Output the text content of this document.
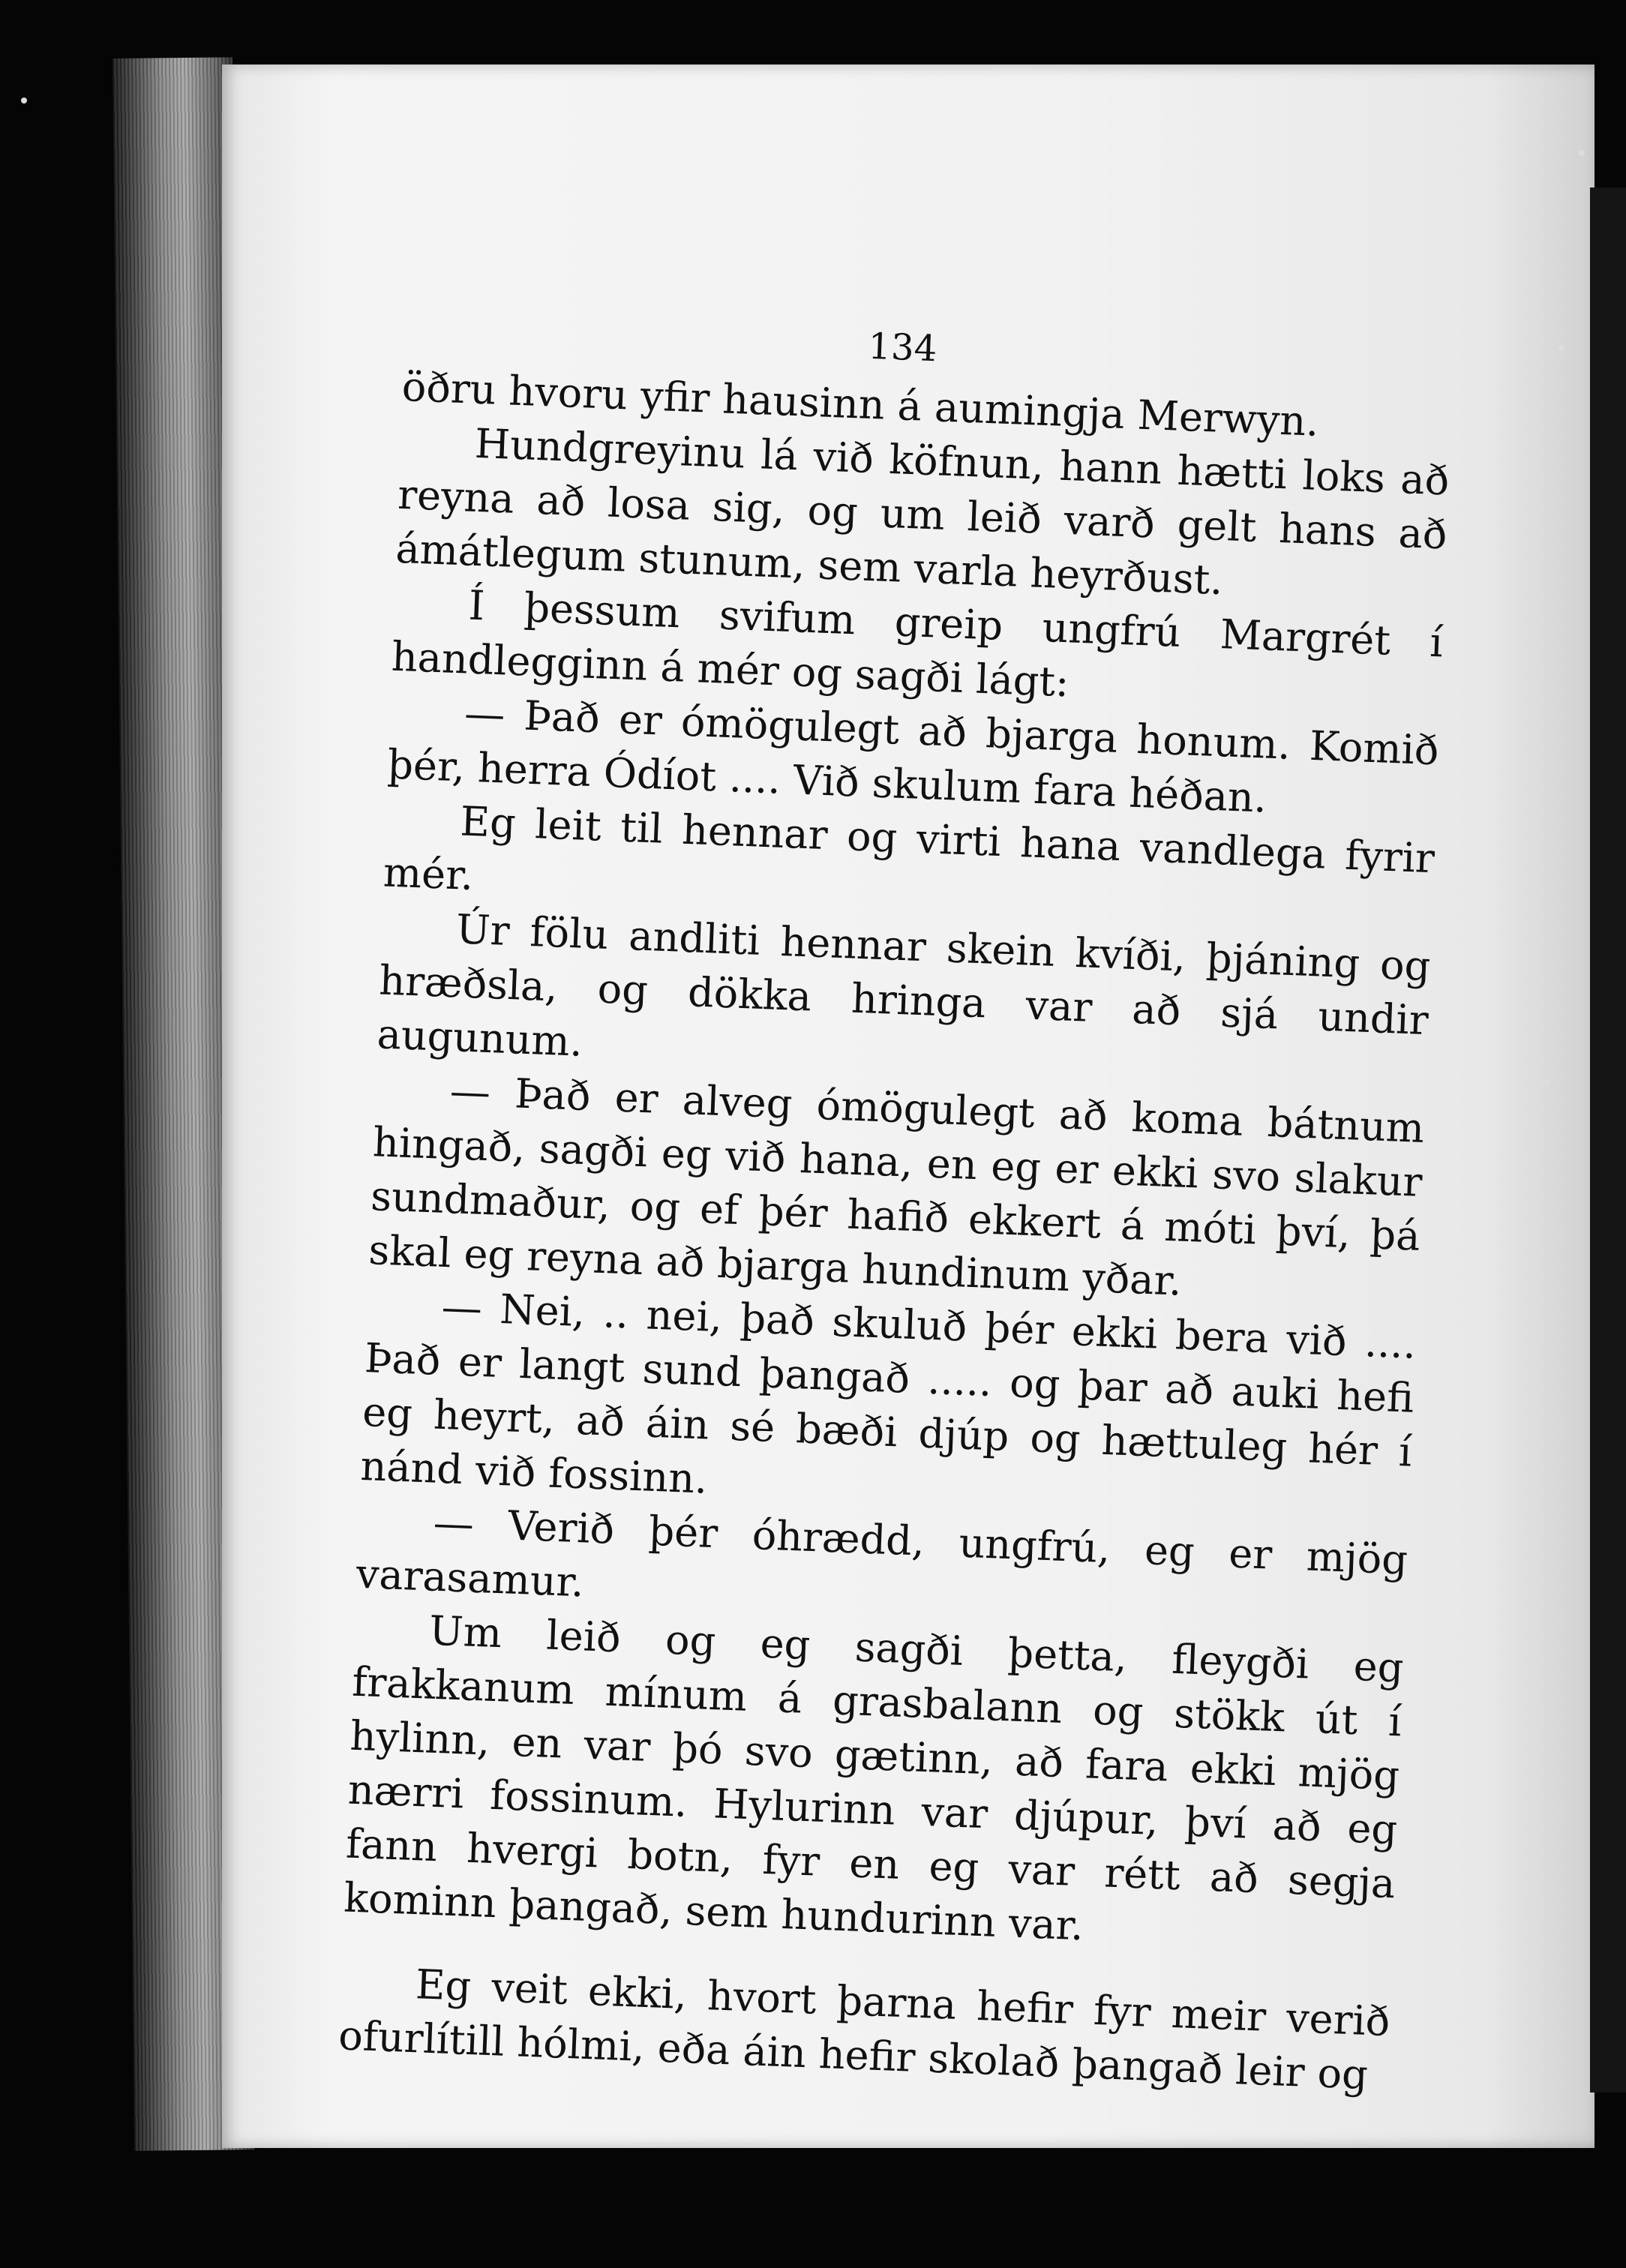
134

öðru hvoru yfir hausinn á aumingja Merwyn.

Hundgreyinu lá við köfnun, hann hætti loks að reyna að losa sig, og um leið varð gelt hans að ámátlegum stunum, sem varla heyrðust.

Í þessum svifum greip ungfrú Margrét í handlegginn á mér og sagði lágt:

— Það er ómögulegt að bjarga honum. Komið þér, herra Ódíot .... Við skulum fara héðan.

Eg leit til hennar og virti hana vandlega fyrir mér.

Úr fölu andliti hennar skein kvíði, þjáning og hræðsla, og dökka hringa var að sjá undir augunum.

— Það er alveg ómögulegt að koma bátnum hingað, sagði eg við hana, en eg er ekki svo slakur sundmaður, og ef þér hafið ekkert á móti því, þá skal eg reyna að bjarga hundinum yðar.

— Nei, .. nei, það skuluð þér ekki bera við .... Það er langt sund þangað ..... og þar að auki hefi eg heyrt, að áin sé bæði djúp og hættuleg hér í nánd við fossinn.

— Verið þér óhrædd, ungfrú, eg er mjög varasamur.

Um leið og eg sagði þetta, fleygði eg frakkanum mínum á grasbalann og stökk út í hylinn, en var þó svo gætinn, að fara ekki mjög nærri fossinum. Hylurinn var djúpur, því að eg fann hvergi botn, fyr en eg var rétt að segja kominn þangað, sem hundurinn var.

Eg veit ekki, hvort þarna hefir fyr meir verið ofurlítill hólmi, eða áin hefir skolað þangað leir og
